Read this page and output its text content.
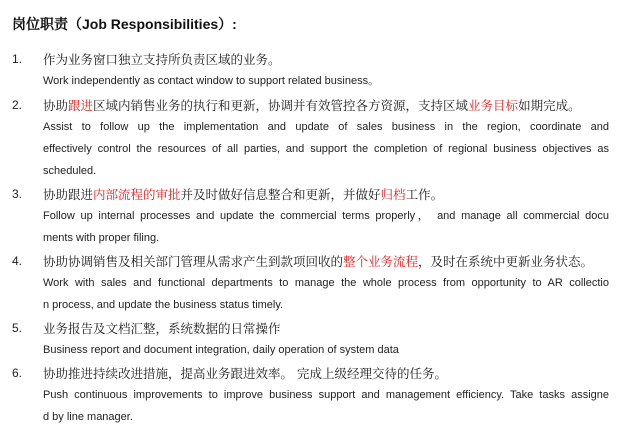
岗位职责（Job Responsibilities）:
1. 作为业务窗口独立支持所负责区域的业务。
Work independently as contact window to support related business。
2. 协助跟进区域内销售业务的执行和更新，协调并有效管控各方资源，支持区域业务目标如期完成。
Assist to follow up the implementation and update of sales business in the region, coordinate and
effectively control the resources of all parties, and support the completion of regional business objectives as
scheduled.
3. 协助跟进内部流程的审批并及时做好信息整合和更新，并做好归档工作。
Follow up internal processes and update the commercial terms properly， and manage all commercial docu
ments with proper filing.
4. 协助协调销售及相关部门管理从需求产生到款项回收的整个业务流程，及时在系统中更新业务状态。
Work with sales and functional departments to manage the whole process from opportunity to AR collectio
n process, and update the business status timely.
5. 业务报告及文档汇整，系统数据的日常操作
Business report and document integration, daily operation of system data
6. 协助推进持续改进措施，提高业务跟进效率。 完成上级经理交待的任务。
Push continuous improvements to improve business support and management efficiency. Take tasks assigne
d by line manager.
